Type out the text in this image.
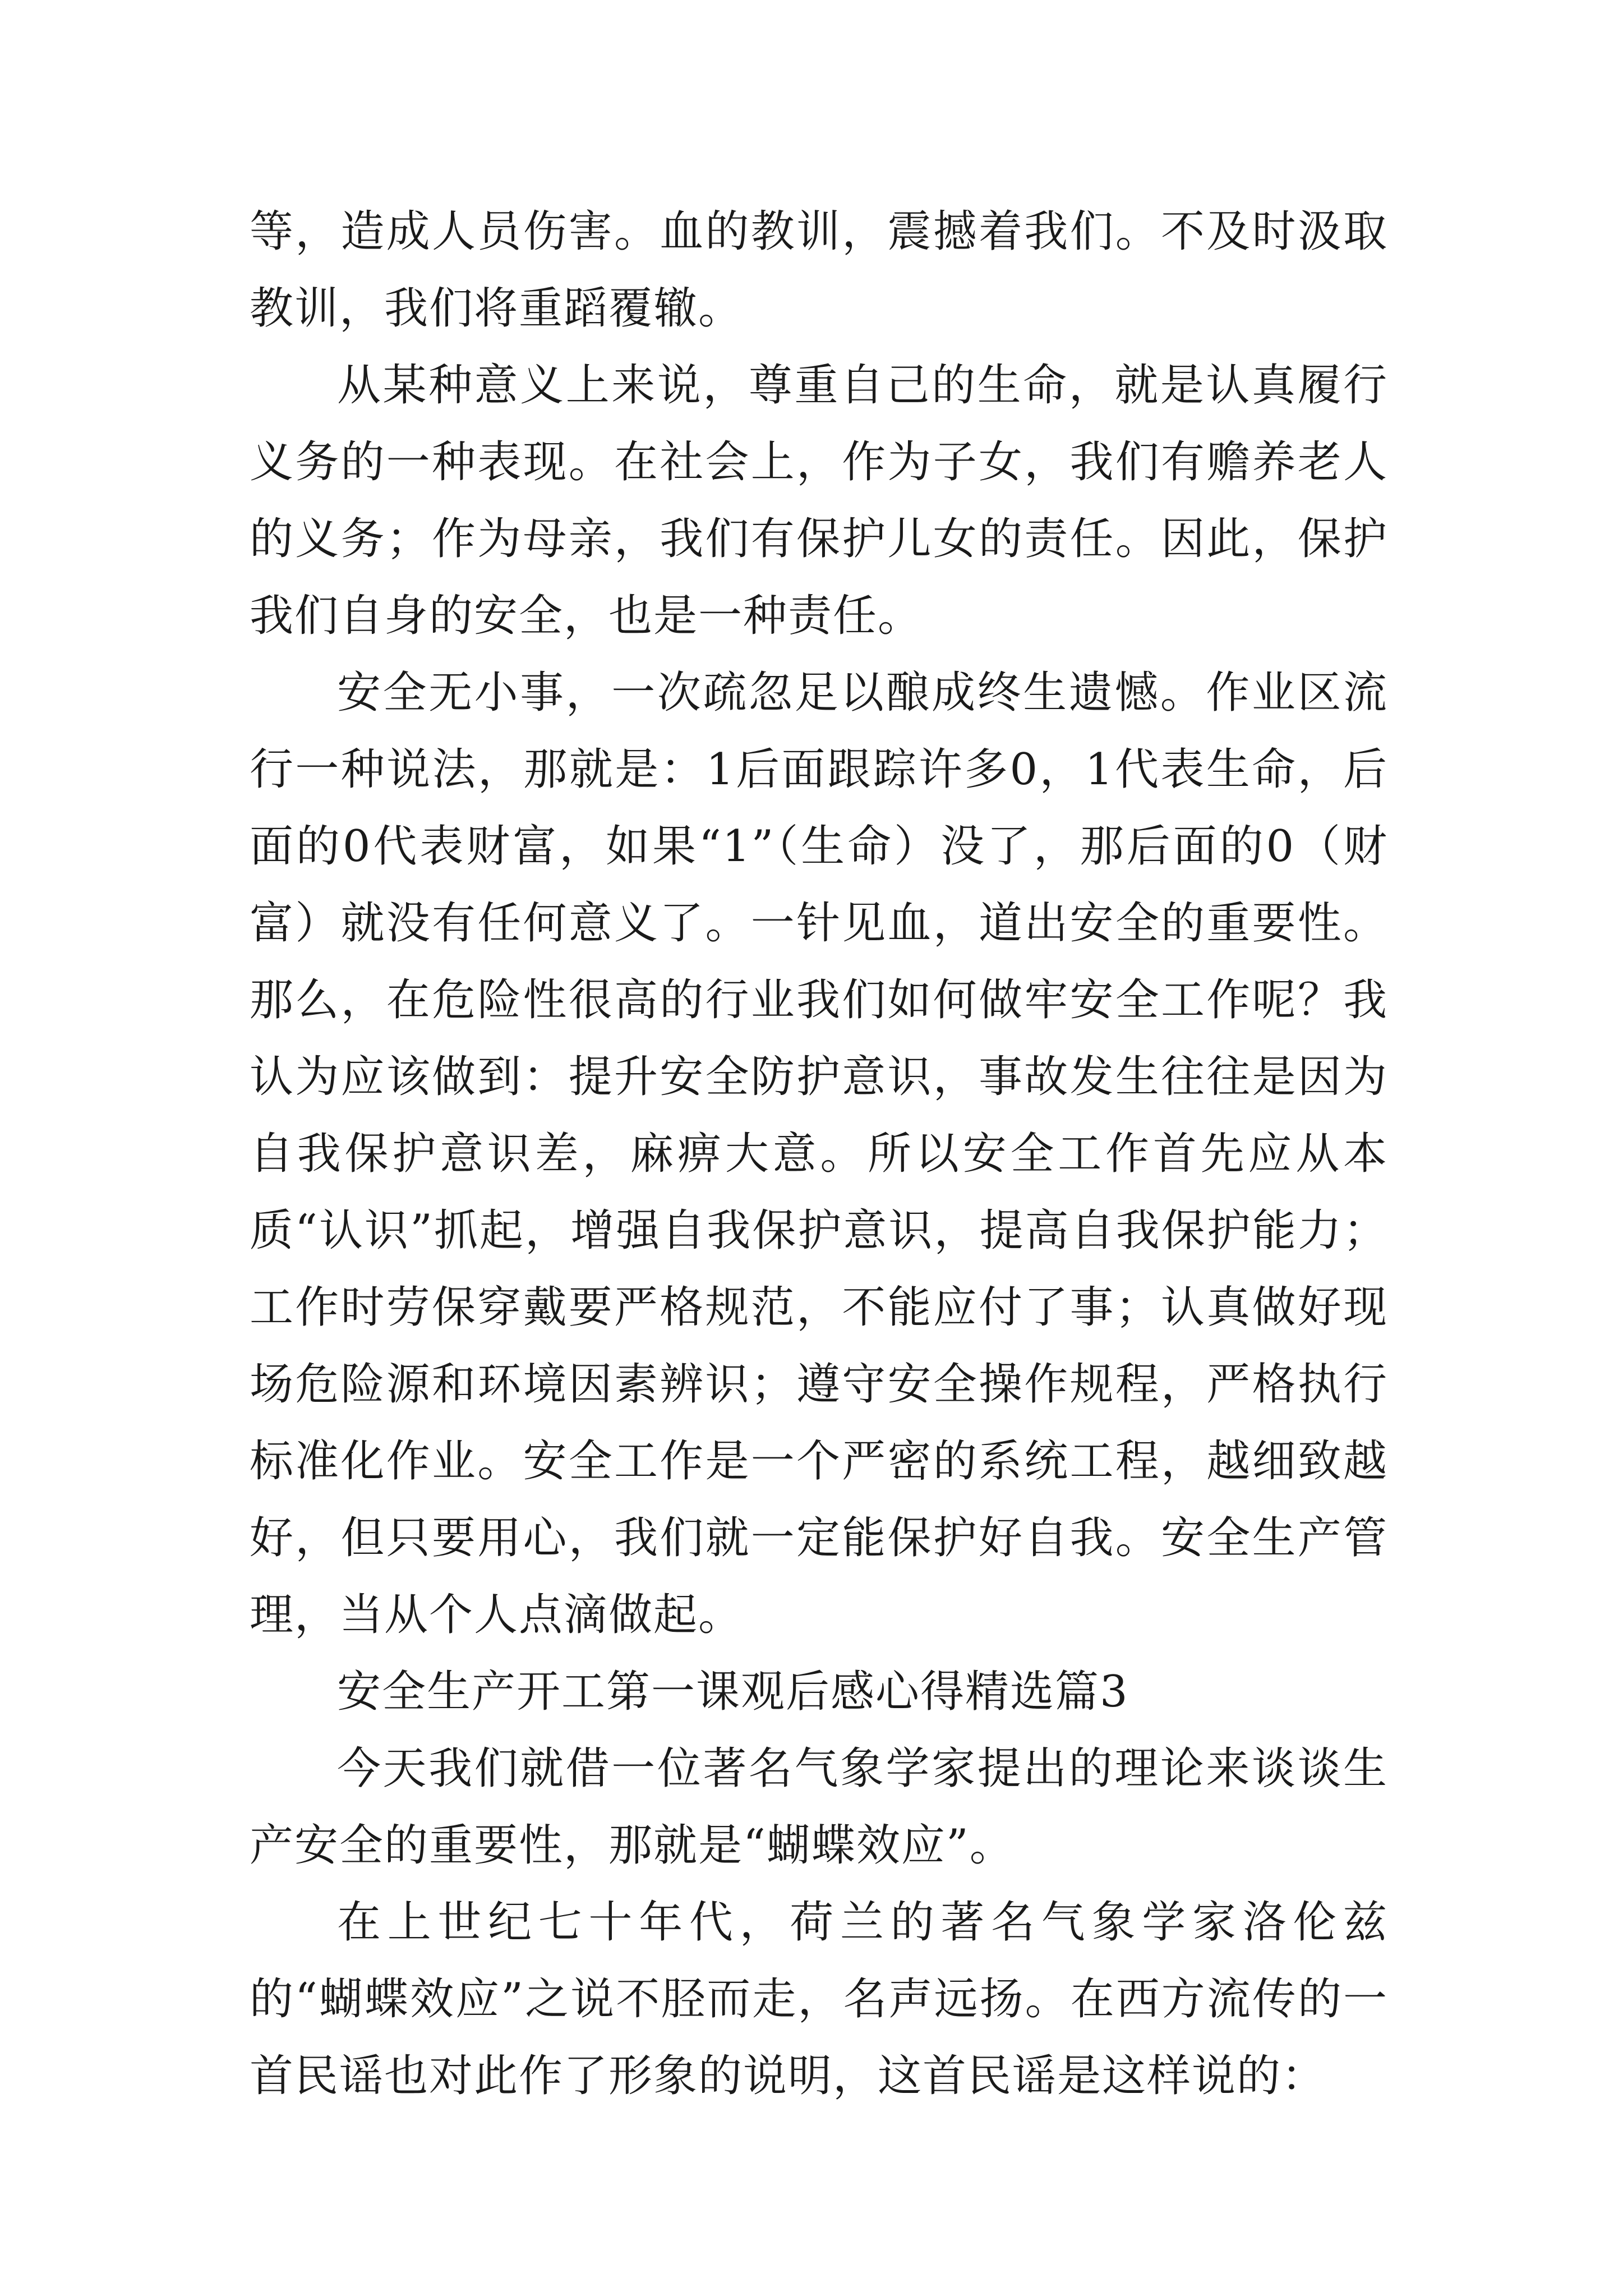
等，造成人员伤害。血的教训，震撼着我们。不及时汲取教训，我们将重蹈覆辙。

从某种意义上来说，尊重自己的生命，就是认真履行义务的一种表现。在社会上，作为子女，我们有赡养老人的义务；作为母亲，我们有保护儿女的责任。因此，保护我们自身的安全，也是一种责任。

安全无小事，一次疏忽足以酿成终生遗憾。作业区流行一种说法，那就是：1后面跟踪许多0，1代表生命，后面的0代表财富，如果“1”（生命）没了，那后面的0（财富）就没有任何意义了。一针见血，道出安全的重要性。那么，在危险性很高的行业我们如何做牢安全工作呢？我认为应该做到：提升安全防护意识，事故发生往往是因为自我保护意识差，麻痹大意。所以安全工作首先应从本质“认识”抓起，增强自我保护意识，提高自我保护能力；工作时劳保穿戴要严格规范，不能应付了事；认真做好现场危险源和环境因素辨识；遵守安全操作规程，严格执行标准化作业。安全工作是一个严密的系统工程，越细致越好，但只要用心，我们就一定能保护好自我。安全生产管理，当从个人点滴做起。

安全生产开工第一课观后感心得精选篇3

今天我们就借一位著名气象学家提出的理论来谈谈生产安全的重要性，那就是“蝴蝶效应”。

在上世纪七十年代，荷兰的著名气象学家洛伦兹的“蝴蝶效应”之说不胫而走，名声远扬。在西方流传的一首民谣也对此作了形象的说明，这首民谣是这样说的：
